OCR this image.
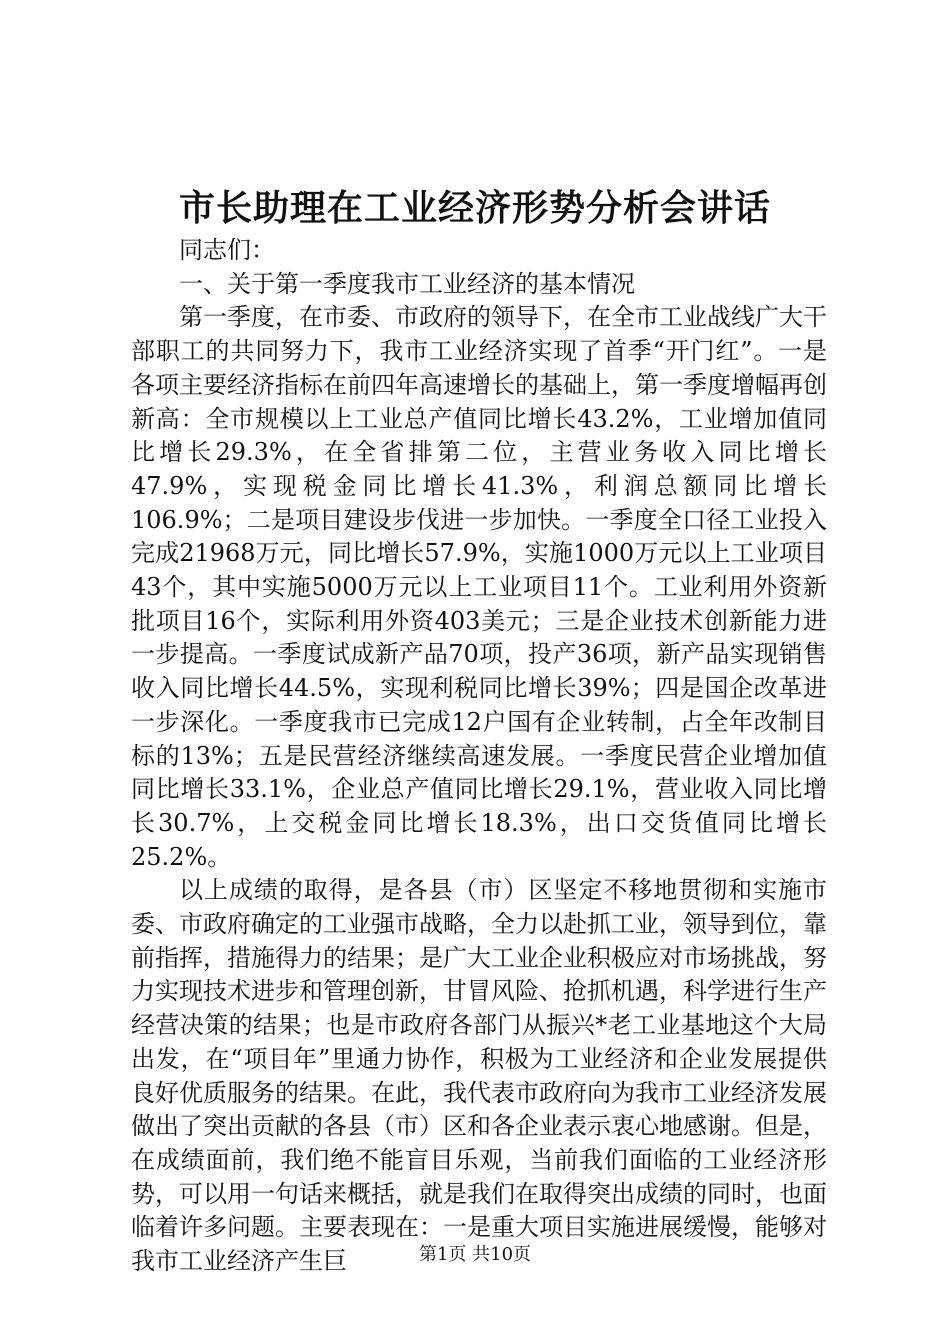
市长助理在工业经济形势分析会讲话

同志们：

一、关于第一季度我市工业经济的基本情况

第一季度，在市委、市政府的领导下，在全市工业战线广大干部职工的共同努力下，我市工业经济实现了首季“开门红”。一是各项主要经济指标在前四年高速增长的基础上，第一季度增幅再创新高：全市规模以上工业总产值同比增长43.2%，工业增加值同比增长29.3%，在全省排第二位，主营业务收入同比增长47.9%，实现税金同比增长41.3%，利润总额同比增长106.9%；二是项目建设步伐进一步加快。一季度全口径工业投入完成21968万元，同比增长57.9%，实施1000万元以上工业项目43个，其中实施5000万元以上工业项目11个。工业利用外资新批项目16个，实际利用外资403美元；三是企业技术创新能力进一步提高。一季度试成新产品70项，投产36项，新产品实现销售收入同比增长44.5%，实现利税同比增长39%；四是国企改革进一步深化。一季度我市已完成12户国有企业转制，占全年改制目标的13%；五是民营经济继续高速发展。一季度民营企业增加值同比增长33.1%，企业总产值同比增长29.1%，营业收入同比增长30.7%，上交税金同比增长18.3%，出口交货值同比增长25.2%。

以上成绩的取得，是各县（市）区坚定不移地贯彻和实施市委、市政府确定的工业强市战略，全力以赴抓工业，领导到位，靠前指挥，措施得力的结果；是广大工业企业积极应对市场挑战，努力实现技术进步和管理创新，甘冒风险、抢抓机遇，科学进行生产经营决策的结果；也是市政府各部门从振兴*老工业基地这个大局出发，在“项目年”里通力协作，积极为工业经济和企业发展提供良好优质服务的结果。在此，我代表市政府向为我市工业经济发展做出了突出贡献的各县（市）区和各企业表示衷心地感谢。但是，在成绩面前，我们绝不能盲目乐观，当前我们面临的工业经济形势，可以用一句话来概括，就是我们在取得突出成绩的同时，也面临着许多问题。主要表现在：一是重大项目实施进展缓慢，能够对我市工业经济产生巨	第1页 共10页
